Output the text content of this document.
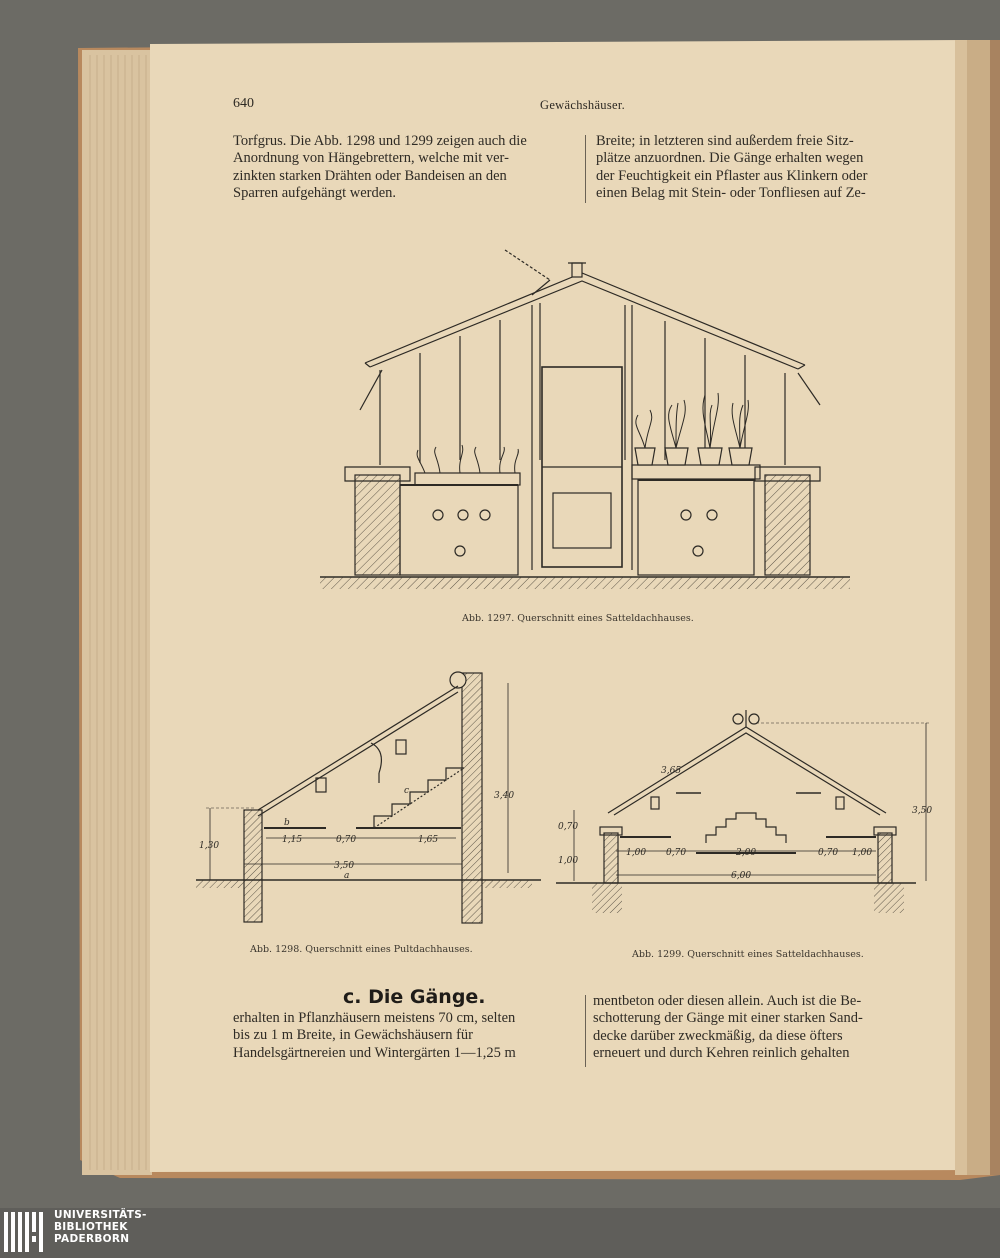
640	Gewächshäuser.
Torfgrus. Die Abb. 1298 und 1299 zeigen auch die
Anordnung von Hängebrettern, welche mit ver-
zinkten starken Drähten oder Bandeisen an den
Sparren aufgehängt werden.
Breite; in letzteren sind außerdem freie Sitz-
plätze anzuordnen. Die Gänge erhalten wegen
der Feuchtigkeit ein Pflaster aus Klinkern oder
einen Belag mit Stein- oder Tonfliesen auf Ze-
Abb. 1297. Querschnitt eines Satteldachhauses.
3,40
1,30
1,15	0,70	1,65
3,50
a
b
c
Abb. 1298. Querschnitt eines Pultdachhauses.
3,65
3,50
0,70
1,00
1,00 0,70	2,00	0,70 1,00
6,00
Abb. 1299. Querschnitt eines Satteldachhauses.
c. Die Gänge.
erhalten in Pflanzhäusern meistens 70 cm, selten
bis zu 1 m Breite, in Gewächshäusern für
Handelsgärtnereien und Wintergärten 1—1,25 m
mentbeton oder diesen allein. Auch ist die Be-
schotterung der Gänge mit einer starken Sand-
decke darüber zweckmäßig, da diese öfters
erneuert und durch Kehren reinlich gehalten
UNIVERSITÄTS-
BIBLIOTHEK
PADERBORN
